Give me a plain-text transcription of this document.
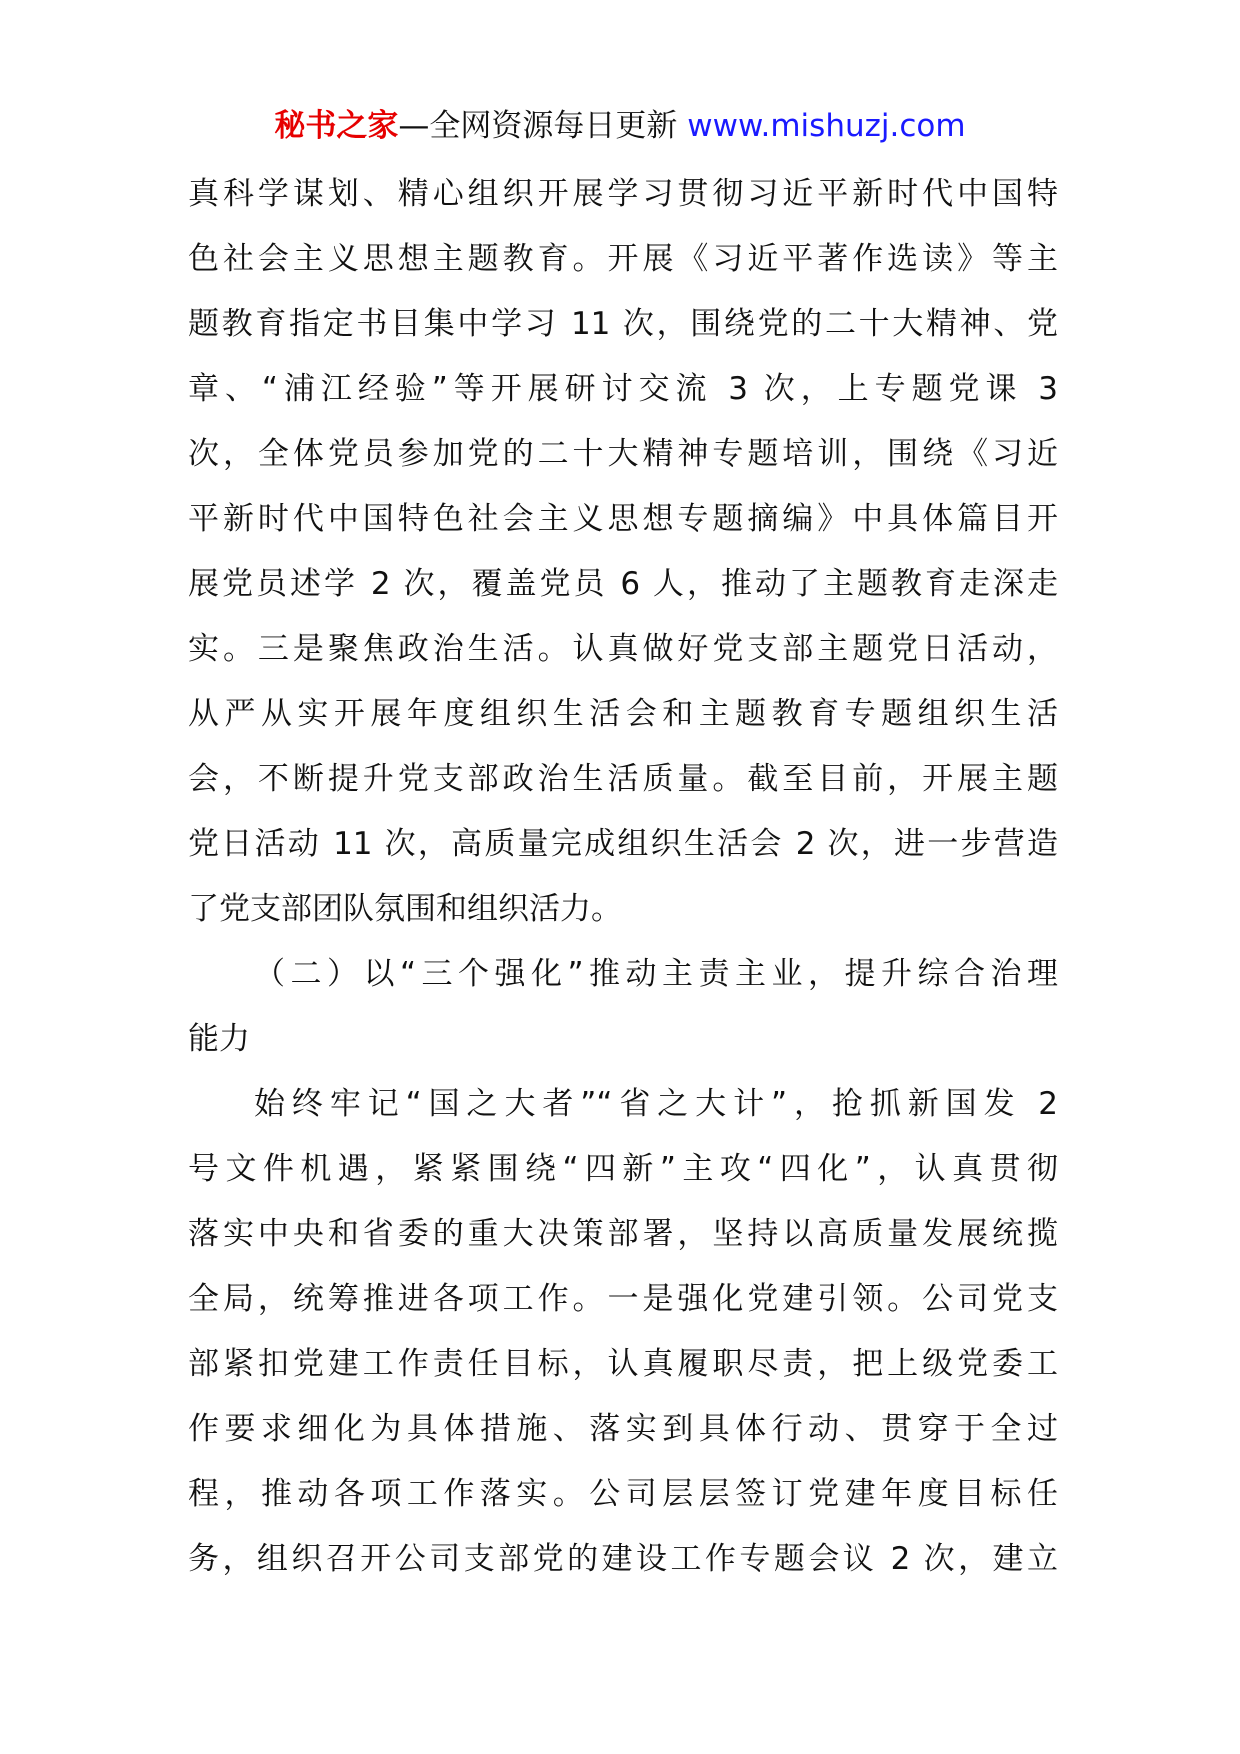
秘书之家—全网资源每日更新 www.mishuzj.com
真科学谋划、精心组织开展学习贯彻习近平新时代中国特
色社会主义思想主题教育。开展《习近平著作选读》等主
题教育指定书目集中学习 11 次，围绕党的二十大精神、党
章、“浦江经验”等开展研讨交流 3 次，上专题党课 3
次，全体党员参加党的二十大精神专题培训，围绕《习近
平新时代中国特色社会主义思想专题摘编》中具体篇目开
展党员述学 2 次，覆盖党员 6 人，推动了主题教育走深走
实。三是聚焦政治生活。认真做好党支部主题党日活动，
从严从实开展年度组织生活会和主题教育专题组织生活
会，不断提升党支部政治生活质量。截至目前，开展主题
党日活动 11 次，高质量完成组织生活会 2 次，进一步营造
了党支部团队氛围和组织活力。
（二）以“三个强化”推动主责主业，提升综合治理
能力
始终牢记“国之大者”“省之大计”，抢抓新国发 2
号文件机遇，紧紧围绕“四新”主攻“四化”，认真贯彻
落实中央和省委的重大决策部署，坚持以高质量发展统揽
全局，统筹推进各项工作。一是强化党建引领。公司党支
部紧扣党建工作责任目标，认真履职尽责，把上级党委工
作要求细化为具体措施、落实到具体行动、贯穿于全过
程，推动各项工作落实。公司层层签订党建年度目标任
务，组织召开公司支部党的建设工作专题会议 2 次，建立
